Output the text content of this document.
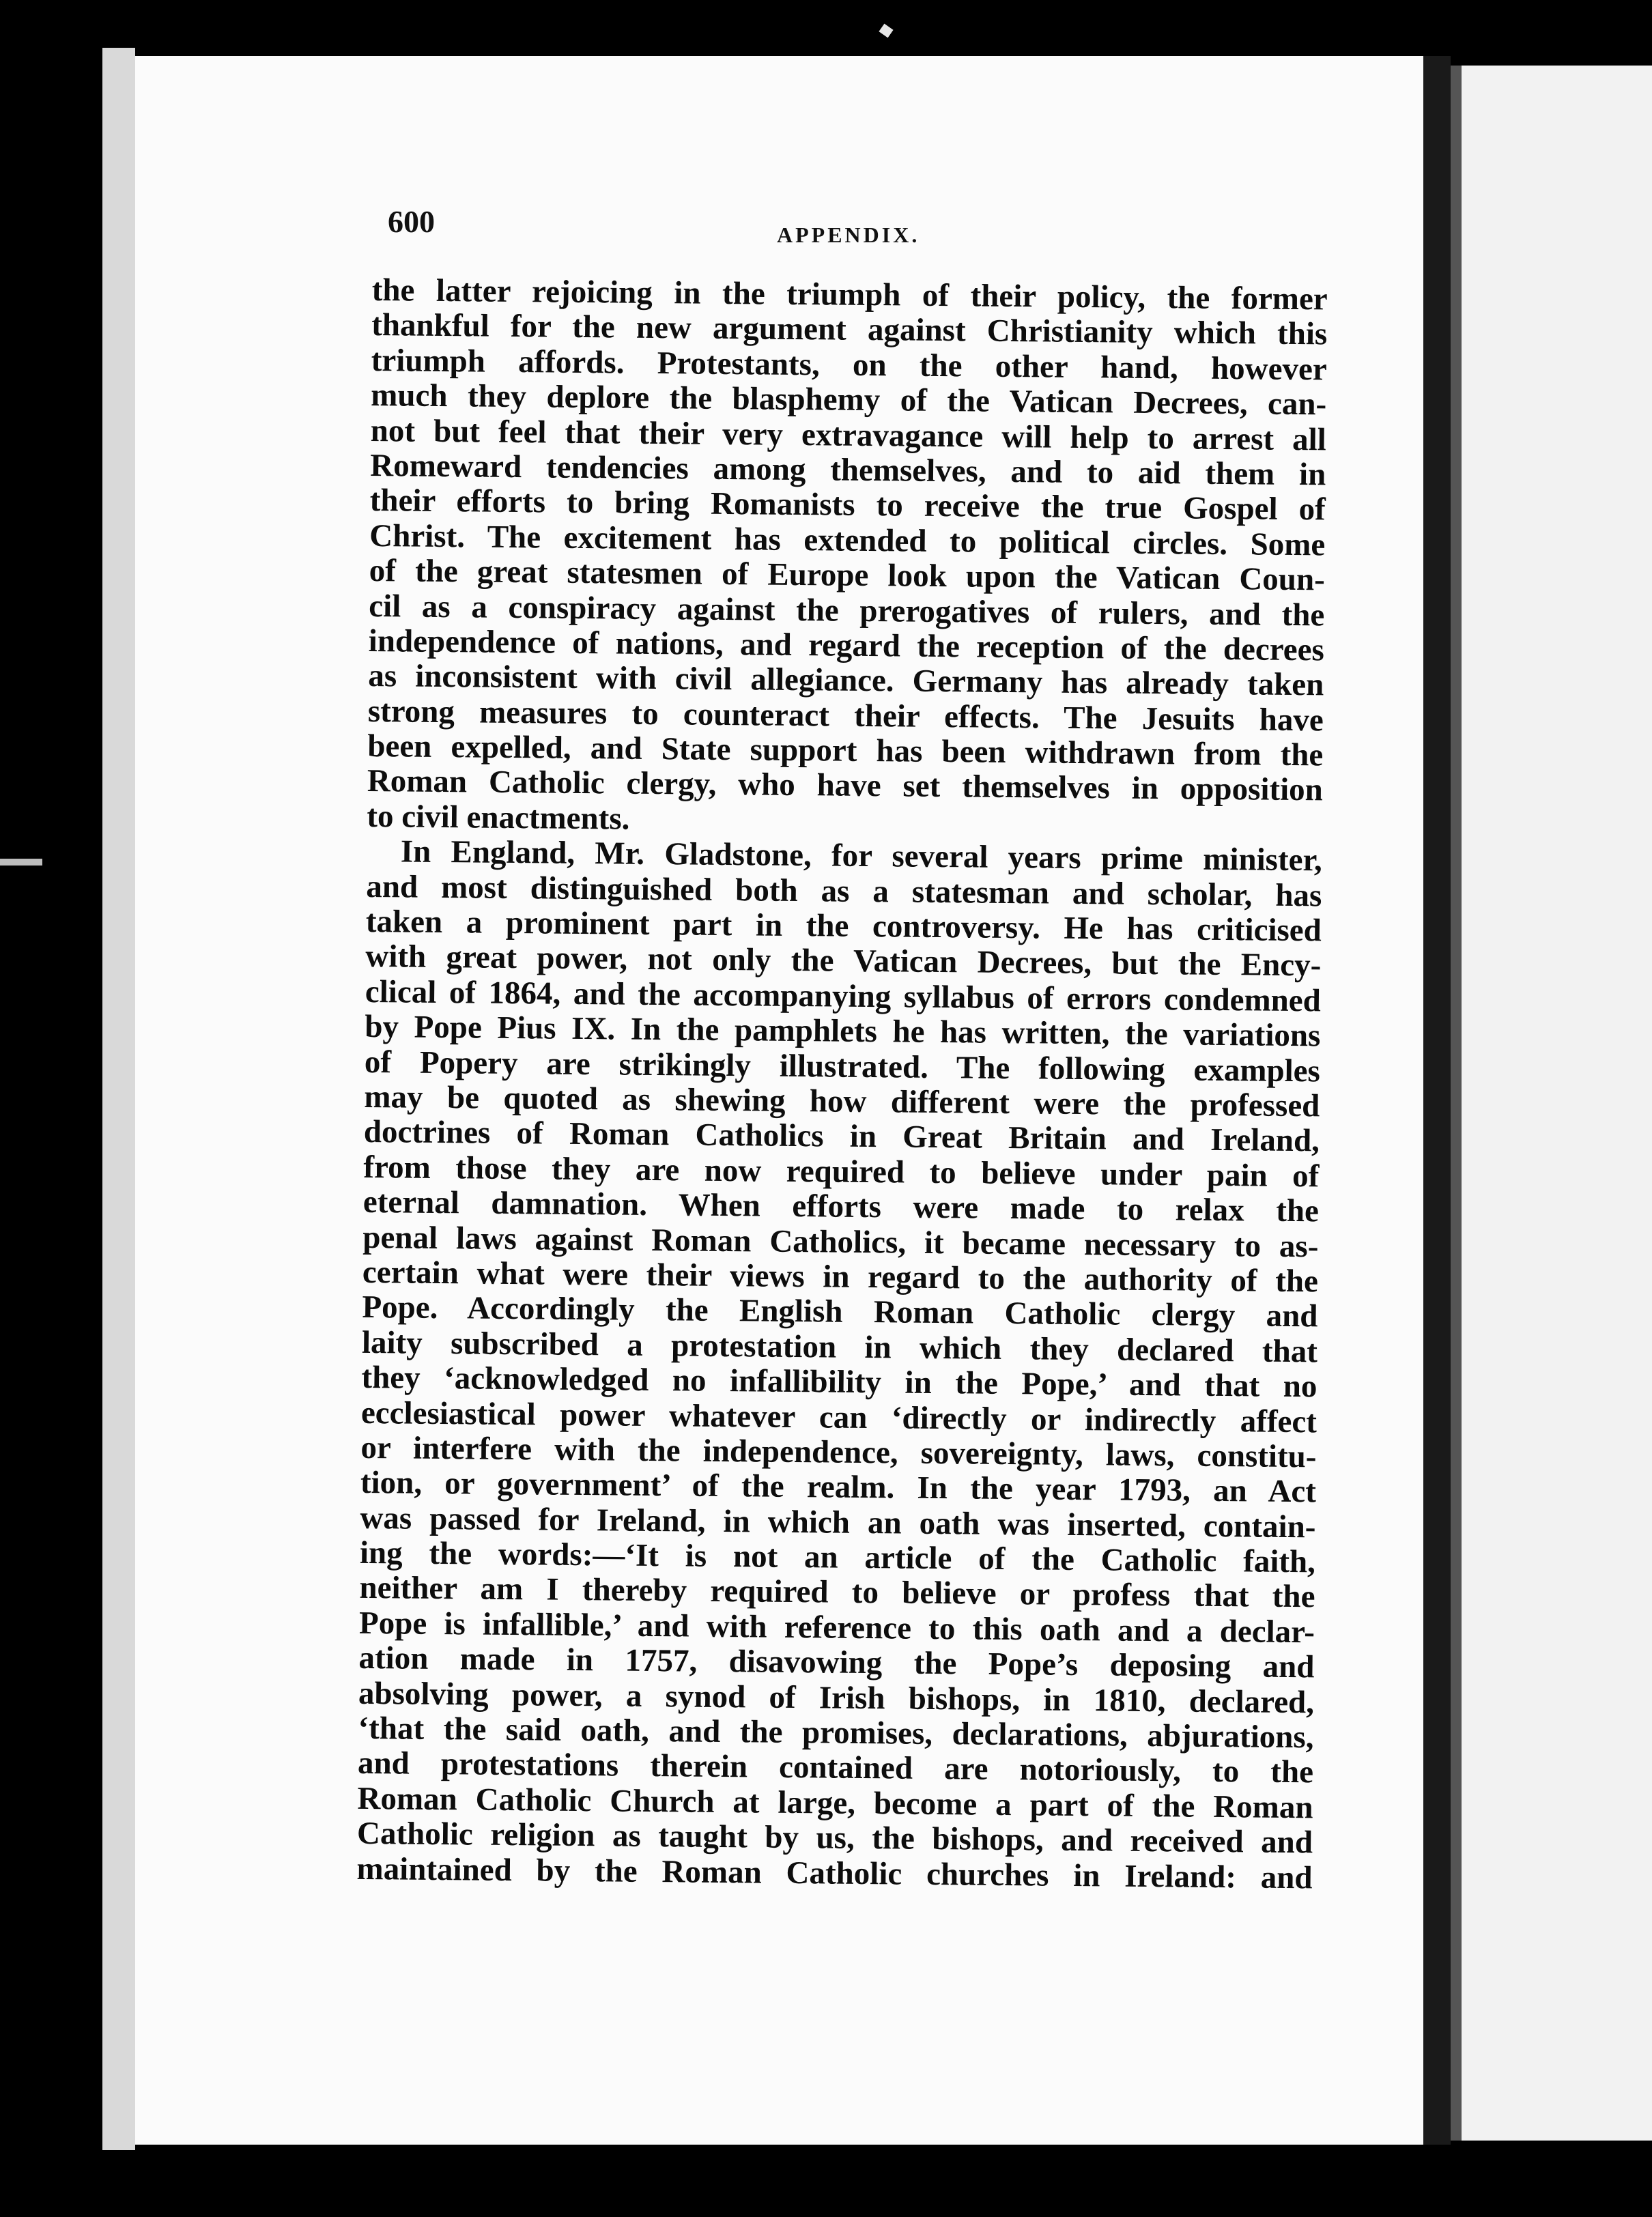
600	APPENDIX.
the latter rejoicing in the triumph of their policy, the former
thankful for the new argument against Christianity which this
triumph affords. Protestants, on the other hand, however
much they deplore the blasphemy of the Vatican Decrees, can-
not but feel that their very extravagance will help to arrest all
Romeward tendencies among themselves, and to aid them in
their efforts to bring Romanists to receive the true Gospel of
Christ. The excitement has extended to political circles. Some
of the great statesmen of Europe look upon the Vatican Coun-
cil as a conspiracy against the prerogatives of rulers, and the
independence of nations, and regard the reception of the decrees
as inconsistent with civil allegiance. Germany has already taken
strong measures to counteract their effects. The Jesuits have
been expelled, and State support has been withdrawn from the
Roman Catholic clergy, who have set themselves in opposition
to civil enactments.
In England, Mr. Gladstone, for several years prime minister,
and most distinguished both as a statesman and scholar, has
taken a prominent part in the controversy. He has criticised
with great power, not only the Vatican Decrees, but the Ency-
clical of 1864, and the accompanying syllabus of errors condemned
by Pope Pius IX. In the pamphlets he has written, the variations
of Popery are strikingly illustrated. The following examples
may be quoted as shewing how different were the professed
doctrines of Roman Catholics in Great Britain and Ireland,
from those they are now required to believe under pain of
eternal damnation. When efforts were made to relax the
penal laws against Roman Catholics, it became necessary to as-
certain what were their views in regard to the authority of the
Pope. Accordingly the English Roman Catholic clergy and
laity subscribed a protestation in which they declared that
they ‘acknowledged no infallibility in the Pope,’ and that no
ecclesiastical power whatever can ‘directly or indirectly affect
or interfere with the independence, sovereignty, laws, constitu-
tion, or government’ of the realm. In the year 1793, an Act
was passed for Ireland, in which an oath was inserted, contain-
ing the words:—‘It is not an article of the Catholic faith,
neither am I thereby required to believe or profess that the
Pope is infallible,’ and with reference to this oath and a declar-
ation made in 1757, disavowing the Pope’s deposing and
absolving power, a synod of Irish bishops, in 1810, declared,
‘that the said oath, and the promises, declarations, abjurations,
and protestations therein contained are notoriously, to the
Roman Catholic Church at large, become a part of the Roman
Catholic religion as taught by us, the bishops, and received and
maintained by the Roman Catholic churches in Ireland: and
